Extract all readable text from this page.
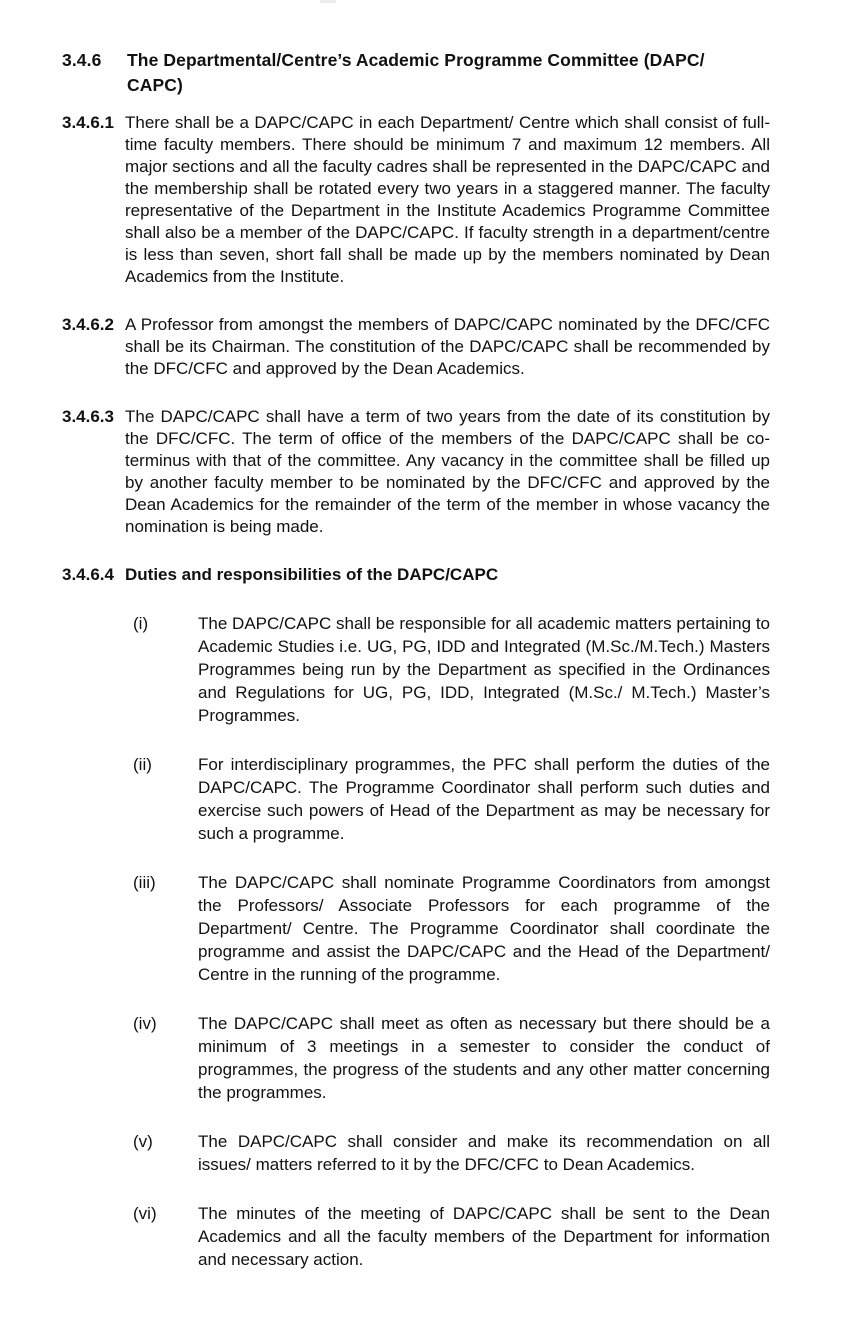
3.4.6	The Departmental/Centre’s Academic Programme Committee (DAPC/ CAPC)
3.4.6.1 There shall be a DAPC/CAPC in each Department/ Centre which shall consist of full-time faculty members. There should be minimum 7 and maximum 12 members. All major sections and all the faculty cadres shall be represented in the DAPC/CAPC and the membership shall be rotated every two years in a staggered manner. The faculty representative of the Department in the Institute Academics Programme Committee shall also be a member of the DAPC/CAPC. If faculty strength in a department/centre is less than seven, short fall shall be made up by the members nominated by Dean Academics from the Institute.
3.4.6.2 A Professor from amongst the members of DAPC/CAPC nominated by the DFC/CFC shall be its Chairman. The constitution of the DAPC/CAPC shall be recommended by the DFC/CFC and approved by the Dean Academics.
3.4.6.3 The DAPC/CAPC shall have a term of two years from the date of its constitution by the DFC/CFC. The term of office of the members of the DAPC/CAPC shall be co-terminus with that of the committee. Any vacancy in the committee shall be filled up by another faculty member to be nominated by the DFC/CFC and approved by the Dean Academics for the remainder of the term of the member in whose vacancy the nomination is being made.
3.4.6.4 Duties and responsibilities of the DAPC/CAPC
(i)	The DAPC/CAPC shall be responsible for all academic matters pertaining to Academic Studies i.e. UG, PG, IDD and Integrated (M.Sc./M.Tech.) Masters Programmes being run by the Department as specified in the Ordinances and Regulations for UG, PG, IDD, Integrated (M.Sc./ M.Tech.) Master’s Programmes.
(ii)	For interdisciplinary programmes, the PFC shall perform the duties of the DAPC/CAPC. The Programme Coordinator shall perform such duties and exercise such powers of Head of the Department as may be necessary for such a programme.
(iii)	The DAPC/CAPC shall nominate Programme Coordinators from amongst the Professors/ Associate Professors for each programme of the Department/ Centre. The Programme Coordinator shall coordinate the programme and assist the DAPC/CAPC and the Head of the Department/ Centre in the running of the programme.
(iv)	The DAPC/CAPC shall meet as often as necessary but there should be a minimum of 3 meetings in a semester to consider the conduct of programmes, the progress of the students and any other matter concerning the programmes.
(v)	The DAPC/CAPC shall consider and make its recommendation on all issues/ matters referred to it by the DFC/CFC to Dean Academics.
(vi)	The minutes of the meeting of DAPC/CAPC shall be sent to the Dean Academics and all the faculty members of the Department for information and necessary action.
